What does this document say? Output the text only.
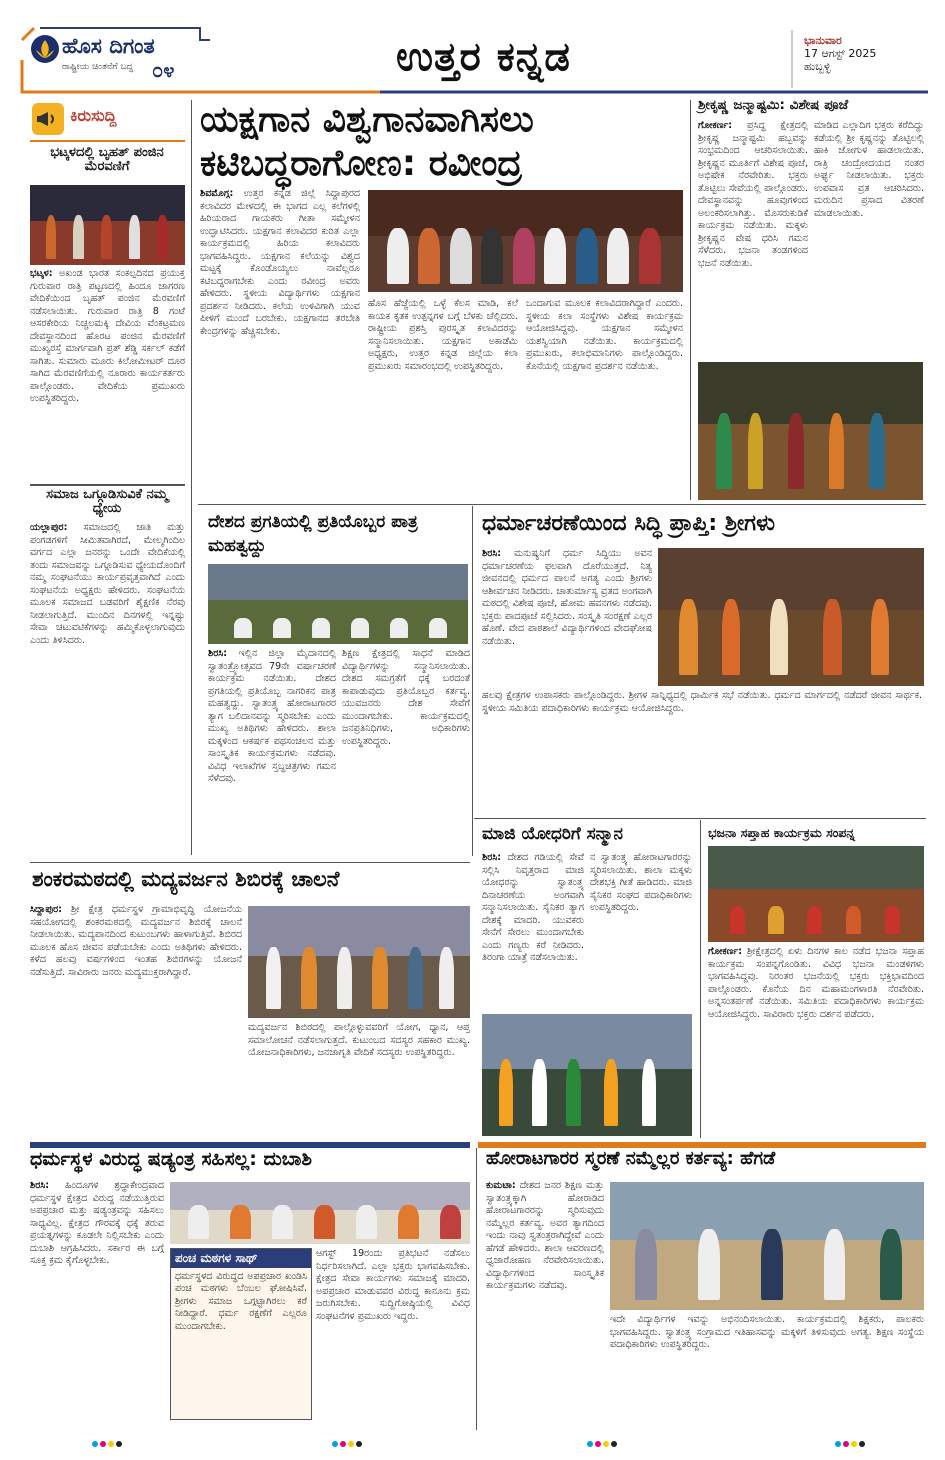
ಹೊಸ ದಿಗಂತ
ರಾಷ್ಟ್ರೀಯ ಚಿಂತನೆಗೆ ಬದ್ಧ ೦೪	ಉತ್ತರ ಕನ್ನಡ	ಭಾನುವಾರ
17 ಆಗಸ್ಟ್ 2025
ಹುಬ್ಬಳ್ಳಿ
ಕಿರುಸುದ್ದಿ
ಭಟ್ಕಳದಲ್ಲಿ ಬೃಹತ್ ಪಂಜಿನ ಮೆರವಣಿಗೆ
ಭಟ್ಕಳ: ಅಖಂಡ ಭಾರತ ಸಂಕಲ್ಪದಿನದ ಪ್ರಯುಕ್ತ ಗುರುವಾರ ರಾತ್ರಿ ಪಟ್ಟಣದಲ್ಲಿ ಹಿಂದೂ ಜಾಗರಣ ವೇದಿಕೆಯಿಂದ ಬೃಹತ್ ಪಂಜಿನ ಮೆರವಣಿಗೆ ನಡೆಸಲಾಯಿತು. ಗುರುವಾರ ರಾತ್ರಿ 8 ಗಂಟೆ ಆಸರಕೇರಿಯ ನಿಚ್ಚಲಮಕ್ಕಿ ದೇವಿಯ ವೆಂಕಟ್ರಮಣ ದೇವಸ್ಥಾನದಿಂದ ಹೊರಟ ಪಂಜಿನ ಮೆರವಣಿಗೆ ಮುಖ್ಯರಸ್ತೆ ಮಾರ್ಗವಾಗಿ ಪ್ರತ್ ಶೆಡ್ಡಿ ಸರ್ಕಲ್ ಕಡೆಗೆ ಸಾಗಿತು. ಸುಮಾರು ಮೂರು ಕಿಲೋಮೀಟರ್ ದೂರ ಸಾಗಿದ ಮೆರವಣಿಗೆಯಲ್ಲಿ ನೂರಾರು ಕಾರ್ಯಕರ್ತರು ಪಾಲ್ಗೊಂಡರು. ವೇದಿಕೆಯ ಪ್ರಮುಖರು ಉಪಸ್ಥಿತರಿದ್ದರು.
ಸಮಾಜ ಒಗ್ಗೂಡಿಸುವಿಕೆ ನಮ್ಮ ಧ್ಯೇಯ
ಯಲ್ಲಾಪುರ: ಸಮಾಜದಲ್ಲಿ ಜಾತಿ ಮತ್ತು ಪಂಗಡಗಳಿಗೆ ಸೀಮಿತವಾಗಿರದೆ, ಮೇಲ್ಮಗಿಂದಿಲ ವರ್ಗದ ಎಲ್ಲಾ ಜನರನ್ನು ಒಂದೇ ವೇದಿಕೆಯಲ್ಲಿ ತಂದು ಸಮಾಜವನ್ನು ಒಗ್ಗೂಡಿಸುವ ಧ್ಯೇಯದೊಂದಿಗೆ ನಮ್ಮ ಸಂಘಟನೆಯು ಕಾರ್ಯಪ್ರವೃತ್ತವಾಗಿದೆ ಎಂದು ಸಂಘಟನೆಯ ಅಧ್ಯಕ್ಷರು ಹೇಳಿದರು. ಸಂಘಟನೆಯ ಮೂಲಕ ಸಮಾಜದ ಬಡವರಿಗೆ ಶೈಕ್ಷಣಿಕ ನೆರವು ನೀಡಲಾಗುತ್ತಿದೆ. ಮುಂದಿನ ದಿನಗಳಲ್ಲಿ ಇನ್ನಷ್ಟು ಸೇವಾ ಚಟುವಟಿಕೆಗಳನ್ನು ಹಮ್ಮಿಕೊಳ್ಳಲಾಗುವುದು ಎಂದು ತಿಳಿಸಿದರು.
ಯಕ್ಷಗಾನ ವಿಶ್ವಗಾನವಾಗಿಸಲು ಕಟಿಬದ್ಧರಾಗೋಣ: ರವೀಂದ್ರ
ಶಿವಮೊಗ್ಗ: ಉತ್ತರ ಕನ್ನಡ ಜಿಲ್ಲೆ ಸಿದ್ದಾಪುರದ ಕಲಾವಿದರ ಮೇಳದಲ್ಲಿ ಈ ಭಾಗದ ಎಲ್ಲ ಕಲೆಗಳಲ್ಲಿ ಹಿರಿಯರಾದ ಗಾಯಕರು ಗೀತಾ ಸಮ್ಮೇಳನ ಉದ್ಘಾಟಿಸಿದರು. ಯಕ್ಷಗಾನ ಕಲಾವಿದರ ಕುರಿತ ಎಲ್ಲಾ ಕಾರ್ಯಕ್ರಮದಲ್ಲಿ ಹಿರಿಯ ಕಲಾವಿದರು ಭಾಗವಹಿಸಿದ್ದರು. ಯಕ್ಷಗಾನ ಕಲೆಯನ್ನು ವಿಶ್ವದ ಮಟ್ಟಕ್ಕೆ ಕೊಂಡೊಯ್ಯಲು ನಾವೆಲ್ಲರೂ ಕಟಿಬದ್ಧರಾಗಬೇಕು ಎಂದು ರವೀಂದ್ರ ಅವರು ಹೇಳಿದರು. ಸ್ಥಳೀಯ ವಿದ್ಯಾರ್ಥಿಗಳು ಯಕ್ಷಗಾನ ಪ್ರದರ್ಶನ ನೀಡಿದರು. ಕಲೆಯ ಉಳಿವಿಗಾಗಿ ಯುವ ಪೀಳಿಗೆ ಮುಂದೆ ಬರಬೇಕು. ಯಕ್ಷಗಾನದ ತರಬೇತಿ ಕೇಂದ್ರಗಳನ್ನು ಹೆಚ್ಚಿಸಬೇಕು.
ಹೊಸ ಹೆಜ್ಜೆಯಲ್ಲಿ ಒಳ್ಳೆ ಕೆಲಸ ಮಾಡಿ, ಕಲೆ ಕಾಯಕ ಕೃತಕ ಉತ್ಪನ್ನಗಳ ಬಗ್ಗೆ ಬೆಳಕು ಚೆಲ್ಲಿದರು. ರಾಷ್ಟ್ರೀಯ ಪ್ರಶಸ್ತಿ ಪುರಸ್ಕೃತ ಕಲಾವಿದರನ್ನು ಸನ್ಮಾನಿಸಲಾಯಿತು. ಯಕ್ಷಗಾನ ಅಕಾಡೆಮಿ ಅಧ್ಯಕ್ಷರು, ಉತ್ತರ ಕನ್ನಡ ಜಿಲ್ಲೆಯ ಕಲಾ ಪ್ರಮುಖರು ಸಮಾರಂಭದಲ್ಲಿ ಉಪಸ್ಥಿತರಿದ್ದರು.
ಒಂದಾಗುವ ಮೂಲಕ ಕಲಾವಿದರಾಗಿದ್ದಾರೆ ಎಂದರು. ಸ್ಥಳೀಯ ಕಲಾ ಸಂಸ್ಥೆಗಳು ವಿಶೇಷ ಕಾರ್ಯಕ್ರಮ ಆಯೋಜಿಸಿದ್ದವು. ಯಕ್ಷಗಾನ ಸಮ್ಮೇಳನ ಯಶಸ್ವಿಯಾಗಿ ನಡೆಯಿತು. ಕಾರ್ಯಕ್ರಮದಲ್ಲಿ ಪ್ರಮುಖರು, ಕಲಾಭಿಮಾನಿಗಳು ಪಾಲ್ಗೊಂಡಿದ್ದರು. ಕೊನೆಯಲ್ಲಿ ಯಕ್ಷಗಾನ ಪ್ರದರ್ಶನ ನಡೆಯಿತು.
ಶ್ರೀಕೃಷ್ಣ ಜನ್ಮಾಷ್ಟಮಿ: ವಿಶೇಷ ಪೂಜೆ
ಗೋಕರ್ಣ: ಪ್ರಸಿದ್ಧ ಕ್ಷೇತ್ರದಲ್ಲಿ ಶ್ರೀಕೃಷ್ಣ ಜನ್ಮಾಷ್ಟಮಿ ಹಬ್ಬವನ್ನು ಸಂಭ್ರಮದಿಂದ ಆಚರಿಸಲಾಯಿತು. ಶ್ರೀಕೃಷ್ಣನ ಮೂರ್ತಿಗೆ ವಿಶೇಷ ಪೂಜೆ, ಅಭಿಷೇಕ ನೆರವೇರಿತು. ಭಕ್ತರು ತೊಟ್ಟಿಲು ಸೇವೆಯಲ್ಲಿ ಪಾಲ್ಗೊಂಡರು. ದೇವಸ್ಥಾನವನ್ನು ಹೂವುಗಳಿಂದ ಅಲಂಕರಿಸಲಾಗಿತ್ತು. ಮೊಸರುಕುಡಿಕೆ ಕಾರ್ಯಕ್ರಮ ನಡೆಯಿತು. ಮಕ್ಕಳು ಶ್ರೀಕೃಷ್ಣನ ವೇಷ ಧರಿಸಿ ಗಮನ ಸೆಳೆದರು. ಭಜನಾ ತಂಡಗಳಿಂದ ಭಜನೆ ನಡೆಯಿತು.
ಮಾಡಿದ ಎಲ್ಲಾದಿಗ ಭಕ್ತರು ಕರೆದಿದ್ದು ಕಡೆಯಲ್ಲಿ ಶ್ರೀ ಕೃಷ್ಣನನ್ನು ತೊಟ್ಟಿಲಲ್ಲಿ ಹಾಕಿ ಜೋಗುಳ ಹಾಡಲಾಯಿತು. ರಾತ್ರಿ ಚಂದ್ರೋದಯದ ನಂತರ ಅರ್ಘ್ಯ ನೀಡಲಾಯಿತು. ಭಕ್ತರು ಉಪವಾಸ ವ್ರತ ಆಚರಿಸಿದರು. ಮರುದಿನ ಪ್ರಸಾದ ವಿತರಣೆ ಮಾಡಲಾಯಿತು.
ದೇಶದ ಪ್ರಗತಿಯಲ್ಲಿ ಪ್ರತಿಯೊಬ್ಬರ ಪಾತ್ರ ಮಹತ್ವದ್ದು
ಶಿರಸಿ: ಇಲ್ಲಿನ ಜಿಲ್ಲಾ ಮೈದಾನದಲ್ಲಿ ಸ್ವಾತಂತ್ರ್ಯೋತ್ಸವದ 79ನೇ ವರ್ಷಾಚರಣೆ ಕಾರ್ಯಕ್ರಮ ನಡೆಯಿತು. ದೇಶದ ಪ್ರಗತಿಯಲ್ಲಿ ಪ್ರತಿಯೊಬ್ಬ ನಾಗರಿಕನ ಪಾತ್ರ ಮಹತ್ವದ್ದು. ಸ್ವಾತಂತ್ರ್ಯ ಹೋರಾಟಗಾರರ ತ್ಯಾಗ ಬಲಿದಾನವನ್ನು ಸ್ಮರಿಸಬೇಕು ಎಂದು ಮುಖ್ಯ ಅತಿಥಿಗಳು ಹೇಳಿದರು. ಶಾಲಾ ಮಕ್ಕಳಿಂದ ಆಕರ್ಷಕ ಪಥಸಂಚಲನ ಮತ್ತು ಸಾಂಸ್ಕೃತಿಕ ಕಾರ್ಯಕ್ರಮಗಳು ನಡೆದವು. ವಿವಿಧ ಇಲಾಖೆಗಳ ಸ್ತಬ್ಧಚಿತ್ರಗಳು ಗಮನ ಸೆಳೆದವು.
ಶಿಕ್ಷಣ ಕ್ಷೇತ್ರದಲ್ಲಿ ಸಾಧನೆ ಮಾಡಿದ ವಿದ್ಯಾರ್ಥಿಗಳನ್ನು ಸನ್ಮಾನಿಸಲಾಯಿತು. ದೇಶದ ಸಮಗ್ರತೆಗೆ ಧಕ್ಕೆ ಬರದಂತೆ ಕಾಪಾಡುವುದು ಪ್ರತಿಯೊಬ್ಬರ ಕರ್ತವ್ಯ. ಯುವಜನರು ದೇಶ ಸೇವೆಗೆ ಮುಂದಾಗಬೇಕು. ಕಾರ್ಯಕ್ರಮದಲ್ಲಿ ಜನಪ್ರತಿನಿಧಿಗಳು, ಅಧಿಕಾರಿಗಳು ಉಪಸ್ಥಿತರಿದ್ದರು.
ಧರ್ಮಾಚರಣೆಯಿಂದ ಸಿದ್ಧಿ ಪ್ರಾಪ್ತಿ: ಶ್ರೀಗಳು
ಶಿರಸಿ: ಮನುಷ್ಯನಿಗೆ ಧರ್ಮ ಸಿದ್ಧಿಯು ಅವನ ಧರ್ಮಾಚರಣೆಯ ಫಲವಾಗಿ ದೊರೆಯುತ್ತದೆ. ನಿತ್ಯ ಜೀವನದಲ್ಲಿ ಧರ್ಮದ ಪಾಲನೆ ಅಗತ್ಯ ಎಂದು ಶ್ರೀಗಳು ಆಶೀರ್ವಚನ ನೀಡಿದರು. ಚಾತುರ್ಮಾಸ್ಯ ವ್ರತದ ಅಂಗವಾಗಿ ಮಠದಲ್ಲಿ ವಿಶೇಷ ಪೂಜೆ, ಹೋಮ ಹವನಗಳು ನಡೆದವು. ಭಕ್ತರು ಪಾದಪೂಜೆ ಸಲ್ಲಿಸಿದರು. ಸಂಸ್ಕೃತಿ ಸಂರಕ್ಷಣೆ ಎಲ್ಲರ ಹೊಣೆ. ವೇದ ಪಾಠಶಾಲೆ ವಿದ್ಯಾರ್ಥಿಗಳಿಂದ ವೇದಘೋಷ ನಡೆಯಿತು.
ಹಲವು ಕ್ಷೇತ್ರಗಳ ಉಪಾಸಕರು ಪಾಲ್ಗೊಂಡಿದ್ದರು. ಶ್ರೀಗಳ ಸಾನ್ನಿಧ್ಯದಲ್ಲಿ ಧಾರ್ಮಿಕ ಸಭೆ ನಡೆಯಿತು. ಧರ್ಮದ ಮಾರ್ಗದಲ್ಲಿ ನಡೆದರೆ ಜೀವನ ಸಾರ್ಥಕ. ಸ್ಥಳೀಯ ಸಮಿತಿಯ ಪದಾಧಿಕಾರಿಗಳು ಕಾರ್ಯಕ್ರಮ ಆಯೋಜಿಸಿದ್ದರು.
ಮಾಜಿ ಯೋಧರಿಗೆ ಸನ್ಮಾನ
ಶಿರಸಿ: ದೇಶದ ಗಡಿಯಲ್ಲಿ ಸೇವೆ ಸಲ್ಲಿಸಿ ನಿವೃತ್ತರಾದ ಮಾಜಿ ಯೋಧರನ್ನು ಸ್ವಾತಂತ್ರ್ಯ ದಿನಾಚರಣೆಯ ಅಂಗವಾಗಿ ಸನ್ಮಾನಿಸಲಾಯಿತು. ಸೈನಿಕರ ತ್ಯಾಗ ದೇಶಕ್ಕೆ ಮಾದರಿ. ಯುವಕರು ಸೇನೆಗೆ ಸೇರಲು ಮುಂದಾಗಬೇಕು ಎಂದು ಗಣ್ಯರು ಕರೆ ನೀಡಿದರು. ತಿರಂಗಾ ಯಾತ್ರೆ ನಡೆಸಲಾಯಿತು.
ನ ಸ್ವಾತಂತ್ರ್ಯ ಹೋರಾಟಗಾರರನ್ನು ಸ್ಮರಿಸಲಾಯಿತು. ಶಾಲಾ ಮಕ್ಕಳು ದೇಶಭಕ್ತಿ ಗೀತೆ ಹಾಡಿದರು. ಮಾಜಿ ಸೈನಿಕರ ಸಂಘದ ಪದಾಧಿಕಾರಿಗಳು ಉಪಸ್ಥಿತರಿದ್ದರು.
ಭಜನಾ ಸಪ್ತಾಹ ಕಾರ್ಯಕ್ರಮ ಸಂಪನ್ನ
ಗೋಕರ್ಣ: ಶ್ರೀಕ್ಷೇತ್ರದಲ್ಲಿ ಏಳು ದಿನಗಳ ಕಾಲ ನಡೆದ ಭಜನಾ ಸಪ್ತಾಹ ಕಾರ್ಯಕ್ರಮ ಸಂಪನ್ನಗೊಂಡಿತು. ವಿವಿಧ ಭಜನಾ ಮಂಡಳಿಗಳು ಭಾಗವಹಿಸಿದ್ದವು. ನಿರಂತರ ಭಜನೆಯಲ್ಲಿ ಭಕ್ತರು ಭಕ್ತಿಭಾವದಿಂದ ಪಾಲ್ಗೊಂಡರು. ಕೊನೆಯ ದಿನ ಮಹಾಮಂಗಳಾರತಿ ನೆರವೇರಿತು. ಅನ್ನಸಂತರ್ಪಣೆ ನಡೆಯಿತು. ಸಮಿತಿಯ ಪದಾಧಿಕಾರಿಗಳು ಕಾರ್ಯಕ್ರಮ ಆಯೋಜಿಸಿದ್ದರು. ಸಾವಿರಾರು ಭಕ್ತರು ದರ್ಶನ ಪಡೆದರು.
ಶಂಕರಮಠದಲ್ಲಿ ಮದ್ಯವರ್ಜನ ಶಿಬಿರಕ್ಕೆ ಚಾಲನೆ
ಸಿದ್ದಾಪುರ: ಶ್ರೀ ಕ್ಷೇತ್ರ ಧರ್ಮಸ್ಥಳ ಗ್ರಾಮಾಭಿವೃದ್ಧಿ ಯೋಜನೆಯ ಸಹಯೋಗದಲ್ಲಿ ಶಂಕರಮಠದಲ್ಲಿ ಮದ್ಯವರ್ಜನ ಶಿಬಿರಕ್ಕೆ ಚಾಲನೆ ನೀಡಲಾಯಿತು. ಮದ್ಯಪಾನದಿಂದ ಕುಟುಂಬಗಳು ಹಾಳಾಗುತ್ತಿವೆ. ಶಿಬಿರದ ಮೂಲಕ ಹೊಸ ಜೀವನ ಪಡೆಯಬೇಕು ಎಂದು ಅತಿಥಿಗಳು ಹೇಳಿದರು. ಕಳೆದ ಹಲವು ವರ್ಷಗಳಿಂದ ಇಂತಹ ಶಿಬಿರಗಳನ್ನು ಯೋಜನೆ ನಡೆಸುತ್ತಿದೆ. ಸಾವಿರಾರು ಜನರು ಮದ್ಯಮುಕ್ತರಾಗಿದ್ದಾರೆ.
ಮದ್ಯವರ್ಜನ ಶಿಬಿರದಲ್ಲಿ ಪಾಲ್ಗೊಳ್ಳುವವರಿಗೆ ಯೋಗ, ಧ್ಯಾನ, ಆಪ್ತ ಸಮಾಲೋಚನೆ ನಡೆಸಲಾಗುತ್ತದೆ. ಕುಟುಂಬದ ಸದಸ್ಯರ ಸಹಕಾರ ಮುಖ್ಯ. ಯೋಜನಾಧಿಕಾರಿಗಳು, ಜನಜಾಗೃತಿ ವೇದಿಕೆ ಸದಸ್ಯರು ಉಪಸ್ಥಿತರಿದ್ದರು.
ಧರ್ಮಸ್ಥಳ ವಿರುದ್ಧ ಷಡ್ಯಂತ್ರ ಸಹಿಸಲ್ಲ: ದುಬಾಶಿ
ಶಿರಸಿ: ಹಿಂದೂಗಳ ಶ್ರದ್ಧಾಕೇಂದ್ರವಾದ ಧರ್ಮಸ್ಥಳ ಕ್ಷೇತ್ರದ ವಿರುದ್ಧ ನಡೆಯುತ್ತಿರುವ ಅಪಪ್ರಚಾರ ಮತ್ತು ಷಡ್ಯಂತ್ರವನ್ನು ಸಹಿಸಲು ಸಾಧ್ಯವಿಲ್ಲ. ಕ್ಷೇತ್ರದ ಗೌರವಕ್ಕೆ ಧಕ್ಕೆ ತರುವ ಪ್ರಯತ್ನಗಳನ್ನು ಕೂಡಲೇ ನಿಲ್ಲಿಸಬೇಕು ಎಂದು ದುಬಾಶಿ ಆಗ್ರಹಿಸಿದರು. ಸರ್ಕಾರ ಈ ಬಗ್ಗೆ ಸೂಕ್ತ ಕ್ರಮ ಕೈಗೊಳ್ಳಬೇಕು.	ಪಂಚ ಮಠಗಳ ಸಾಥ್
ಧರ್ಮಸ್ಥಳದ ವಿರುದ್ಧದ ಅಪಪ್ರಚಾರ ಖಂಡಿಸಿ ಪಂಚ ಮಠಗಳು ಬೆಂಬಲ ಘೋಷಿಸಿವೆ. ಶ್ರೀಗಳು ಸಮಾಜ ಒಗ್ಗಟ್ಟಾಗಿರಲು ಕರೆ ನೀಡಿದ್ದಾರೆ. ಧರ್ಮ ರಕ್ಷಣೆಗೆ ಎಲ್ಲರೂ ಮುಂದಾಗಬೇಕು.
ಆಗಸ್ಟ್ 19ರಂದು ಪ್ರತಿಭಟನೆ ನಡೆಸಲು ನಿರ್ಧರಿಸಲಾಗಿದೆ. ಎಲ್ಲಾ ಭಕ್ತರು ಭಾಗವಹಿಸಬೇಕು. ಕ್ಷೇತ್ರದ ಸೇವಾ ಕಾರ್ಯಗಳು ಸಮಾಜಕ್ಕೆ ಮಾದರಿ. ಅಪಪ್ರಚಾರ ಮಾಡುವವರ ವಿರುದ್ಧ ಕಾನೂನು ಕ್ರಮ ಜರುಗಿಸಬೇಕು. ಸುದ್ದಿಗೋಷ್ಠಿಯಲ್ಲಿ ವಿವಿಧ ಸಂಘಟನೆಗಳ ಪ್ರಮುಖರು ಇದ್ದರು.
ಹೋರಾಟಗಾರರ ಸ್ಮರಣೆ ನಮ್ಮೆಲ್ಲರ ಕರ್ತವ್ಯ: ಹೆಗಡೆ
ಕುಮಟಾ: ದೇಶದ ಜನರ ಶಿಕ್ಷಣ ಮತ್ತು ಸ್ವಾತಂತ್ರ್ಯಕ್ಕಾಗಿ ಹೋರಾಡಿದ ಹೋರಾಟಗಾರರನ್ನು ಸ್ಮರಿಸುವುದು ನಮ್ಮೆಲ್ಲರ ಕರ್ತವ್ಯ. ಅವರ ತ್ಯಾಗದಿಂದ ಇಂದು ನಾವು ಸ್ವತಂತ್ರರಾಗಿದ್ದೇವೆ ಎಂದು ಹೆಗಡೆ ಹೇಳಿದರು. ಶಾಲಾ ಆವರಣದಲ್ಲಿ ಧ್ವಜಾರೋಹಣ ನೆರವೇರಿಸಲಾಯಿತು. ವಿದ್ಯಾರ್ಥಿಗಳಿಂದ ಸಾಂಸ್ಕೃತಿಕ ಕಾರ್ಯಕ್ರಮಗಳು ನಡೆದವು.
ಇದೇ ವಿದ್ಯಾರ್ಥಿಗಳ ಇವನ್ನು ಅಭಿನಂದಿಸಲಾಯಿತು. ಕಾರ್ಯಕ್ರಮದಲ್ಲಿ ಶಿಕ್ಷಕರು, ಪಾಲಕರು ಭಾಗವಹಿಸಿದ್ದರು. ಸ್ವಾತಂತ್ರ್ಯ ಸಂಗ್ರಾಮದ ಇತಿಹಾಸವನ್ನು ಮಕ್ಕಳಿಗೆ ತಿಳಿಸುವುದು ಅಗತ್ಯ. ಶಿಕ್ಷಣ ಸಂಸ್ಥೆಯ ಪದಾಧಿಕಾರಿಗಳು ಉಪಸ್ಥಿತರಿದ್ದರು.
